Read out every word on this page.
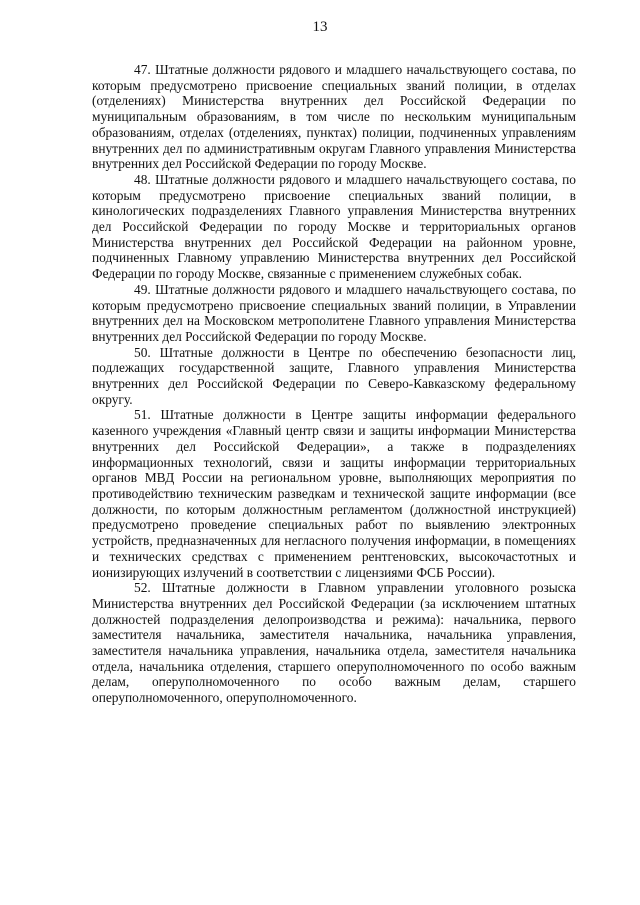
13

47. Штатные должности рядового и младшего начальствующего состава, по которым предусмотрено присвоение специальных званий полиции, в отделах (отделениях) Министерства внутренних дел Российской Федерации по муниципальным образованиям, в том числе по нескольким муниципальным образованиям, отделах (отделениях, пунктах) полиции, подчиненных управлениям внутренних дел по административным округам Главного управления Министерства внутренних дел Российской Федерации по городу Москве.

48. Штатные должности рядового и младшего начальствующего состава, по которым предусмотрено присвоение специальных званий полиции, в кинологических подразделениях Главного управления Министерства внутренних дел Российской Федерации по городу Москве и территориальных органов Министерства внутренних дел Российской Федерации на районном уровне, подчиненных Главному управлению Министерства внутренних дел Российской Федерации по городу Москве, связанные с применением служебных собак.

49. Штатные должности рядового и младшего начальствующего состава, по которым предусмотрено присвоение специальных званий полиции, в Управлении внутренних дел на Московском метрополитене Главного управления Министерства внутренних дел Российской Федерации по городу Москве.

50. Штатные должности в Центре по обеспечению безопасности лиц, подлежащих государственной защите, Главного управления Министерства внутренних дел Российской Федерации по Северо-Кавказскому федеральному округу.

51. Штатные должности в Центре защиты информации федерального казенного учреждения «Главный центр связи и защиты информации Министерства внутренних дел Российской Федерации», а также в подразделениях информационных технологий, связи и защиты информации территориальных органов МВД России на региональном уровне, выполняющих мероприятия по противодействию техническим разведкам и технической защите информации (все должности, по которым должностным регламентом (должностной инструкцией) предусмотрено проведение специальных работ по выявлению электронных устройств, предназначенных для негласного получения информации, в помещениях и технических средствах с применением рентгеновских, высокочастотных и ионизирующих излучений в соответствии с лицензиями ФСБ России).

52. Штатные должности в Главном управлении уголовного розыска Министерства внутренних дел Российской Федерации (за исключением штатных должностей подразделения делопроизводства и режима): начальника, первого заместителя начальника, заместителя начальника, начальника управления, заместителя начальника управления, начальника отдела, заместителя начальника отдела, начальника отделения, старшего оперуполномоченного по особо важным делам, оперуполномоченного по особо важным делам, старшего оперуполномоченного, оперуполномоченного.
